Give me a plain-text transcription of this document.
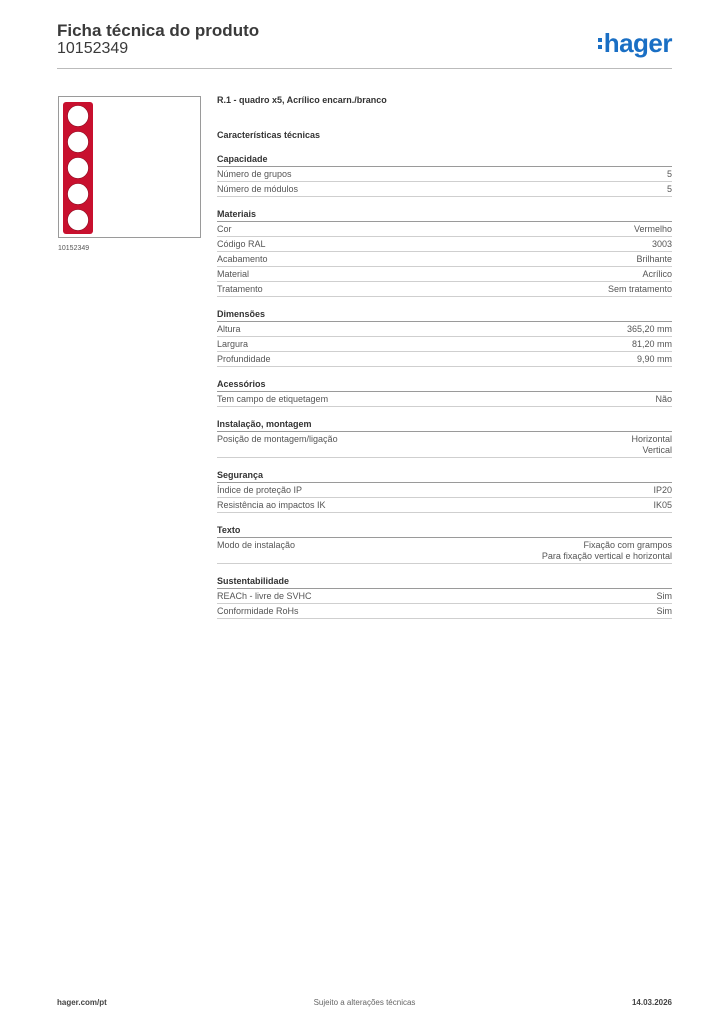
Ficha técnica do produto
10152349	hager
10152349
R.1 - quadro x5, Acrílico encarn./branco
Características técnicas
Capacidade
Número de grupos	5
Número de módulos	5
Materiais
Cor	Vermelho
Código RAL	3003
Acabamento	Brilhante
Material	Acrílico
Tratamento	Sem tratamento
Dimensões
Altura	365,20 mm
Largura	81,20 mm
Profundidade	9,90 mm
Acessórios
Tem campo de etiquetagem	Não
Instalação, montagem
Posição de montagem/ligação	Horizontal
Vertical
Segurança
Índice de proteção IP	IP20
Resistência ao impactos IK	IK05
Texto
Modo de instalação	Fixação com grampos
Para fixação vertical e horizontal
Sustentabilidade
REACh - livre de SVHC	Sim
Conformidade RoHs	Sim
hager.com/pt	Sujeito a alterações técnicas	14.03.2026
